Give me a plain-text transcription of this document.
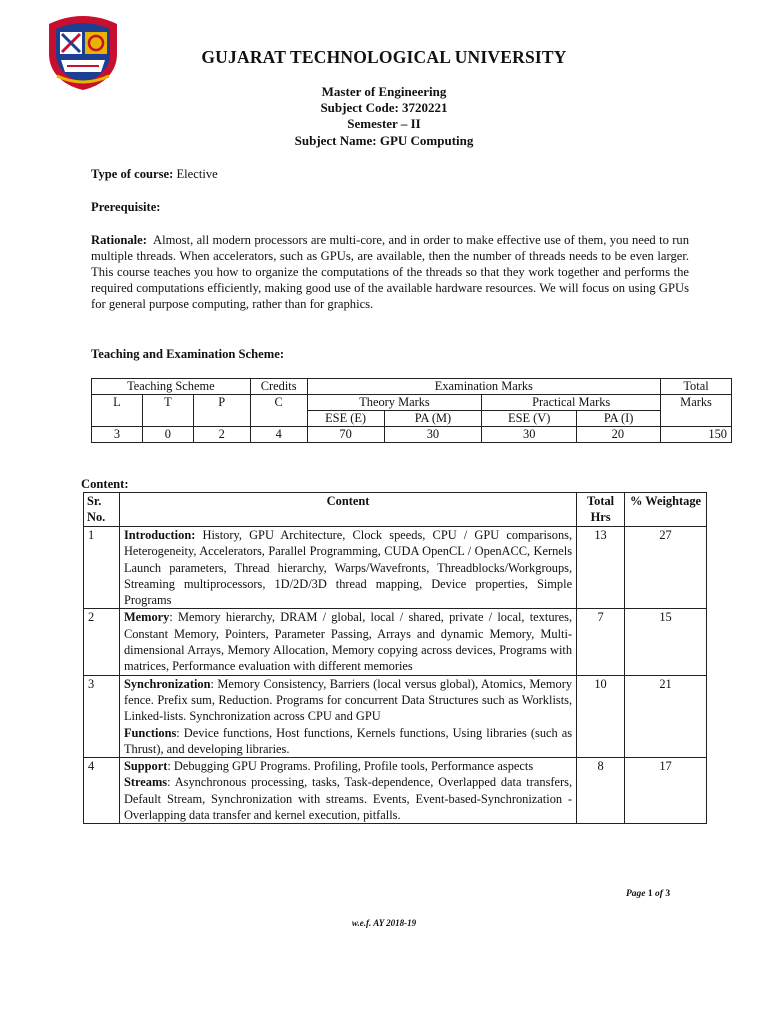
GUJARAT TECHNOLOGICAL UNIVERSITY
Master of Engineering
Subject Code: 3720221
Semester – II
Subject Name: GPU Computing
Type of course: Elective
Prerequisite:
Rationale: Almost, all modern processors are multi-core, and in order to make effective use of them, you need to run multiple threads. When accelerators, such as GPUs, are available, then the number of threads needs to be even larger. This course teaches you how to organize the computations of the threads so that they work together and performs the required computations efficiently, making good use of the available hardware resources. We will focus on using GPUs for general purpose computing, rather than for graphics.
Teaching and Examination Scheme:
Teaching Scheme			Credits	Examination Marks				Total
L	T	P	C	Theory Marks		Practical Marks		Marks
				ESE (E)	PA (M)	ESE (V)	PA (I)	
3	0	2	4	70	30	30	20	150
Content:
Sr. No.	Content	Total Hrs	% Weightage
1	Introduction: History, GPU Architecture, Clock speeds, CPU / GPU comparisons, Heterogeneity, Accelerators, Parallel Programming, CUDA OpenCL / OpenACC, Kernels Launch parameters, Thread hierarchy, Warps/Wavefronts, Threadblocks/Workgroups, Streaming multiprocessors, 1D/2D/3D thread mapping, Device properties, Simple Programs	13	27
2	Memory: Memory hierarchy, DRAM / global, local / shared, private / local, textures, Constant Memory, Pointers, Parameter Passing, Arrays and dynamic Memory, Multi-dimensional Arrays, Memory Allocation, Memory copying across devices, Programs with matrices, Performance evaluation with different memories	7	15
3	Synchronization: Memory Consistency, Barriers (local versus global), Atomics, Memory fence. Prefix sum, Reduction. Programs for concurrent Data Structures such as Worklists, Linked-lists. Synchronization across CPU and GPU
Functions: Device functions, Host functions, Kernels functions, Using libraries (such as Thrust), and developing libraries.	10	21
4	Support: Debugging GPU Programs. Profiling, Profile tools, Performance aspects
Streams: Asynchronous processing, tasks, Task-dependence, Overlapped data transfers, Default Stream, Synchronization with streams. Events, Event-based-Synchronization - Overlapping data transfer and kernel execution, pitfalls.	8	17
Page 1 of 3
w.e.f. AY 2018-19
